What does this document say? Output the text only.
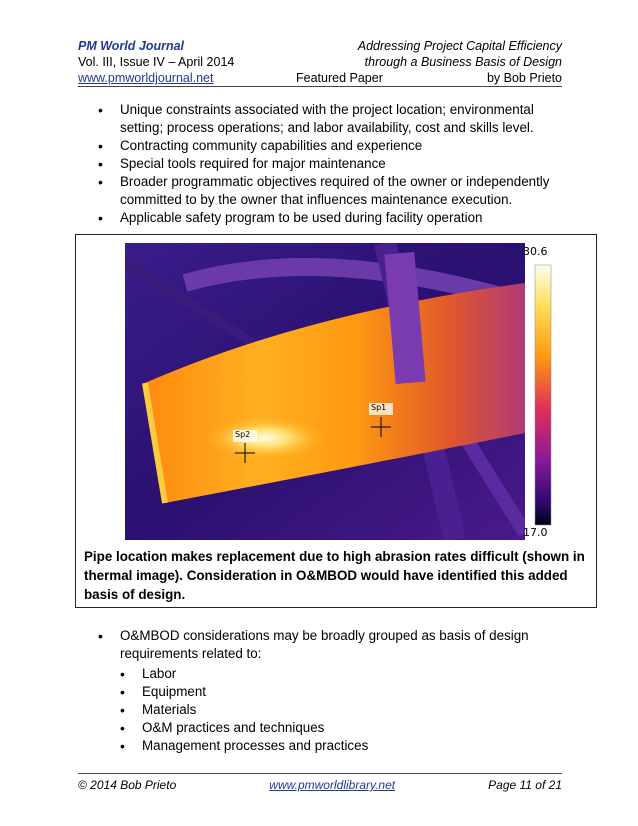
PM World Journal	Addressing Project Capital Efficiency
Vol. III, Issue IV – April 2014	through a Business Basis of Design
www.pmworldjournal.net	Featured Paper	by Bob Prieto
• Unique constraints associated with the project location; environmental setting; process operations; and labor availability, cost and skills level.
• Contracting community capabilities and experience
• Special tools required for major maintenance
• Broader programmatic objectives required of the owner or independently committed to by the owner that influences maintenance execution.
• Applicable safety program to be used during facility operation
30.6
17.0
Sp1
Sp2
Pipe location makes replacement due to high abrasion rates difficult (shown in thermal image). Consideration in O&MBOD would have identified this added basis of design.
• O&MBOD considerations may be broadly grouped as basis of design requirements related to:
• Labor
• Equipment
• Materials
• O&M practices and techniques
• Management processes and practices
© 2014 Bob Prieto	www.pmworldlibrary.net	Page 11 of 21
